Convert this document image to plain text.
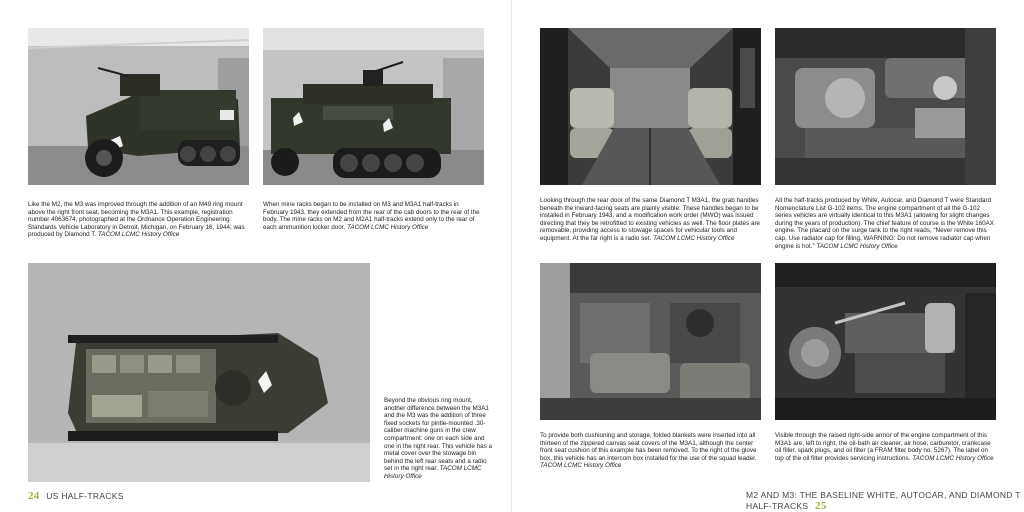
Like the M2, the M3 was improved through the addition of an M49 ring mount above the right front seat, becoming the M3A1. This example, registration number 4063674, photographed at the Ordnance Operation Engineering Standards Vehicle Laboratory in Detroit, Michigan, on February 16, 1944, was produced by Diamond T. TACOM LCMC History Office

When mine racks began to be installed on M3 and M3A1 half-tracks in February 1943, they extended from the rear of the cab doors to the rear of the body. The mine racks on M2 and M2A1 half-tracks extend only to the rear of each ammunition locker door. TACOM LCMC History Office

Beyond the obvious ring mount, another difference between the M3A1 and the M3 was the addition of three fixed sockets for pintle-mounted .30-caliber machine guns in the crew compartment: one on each side and one in the right rear. This vehicle has a metal cover over the stowage bin behind the left rear seats and a radio set in the right rear. TACOM LCMC History Office

24 US HALF-TRACKS

Looking through the rear door of the same Diamond T M3A1, the grab handles beneath the inward-facing seats are plainly visible. These handles began to be installed in February 1943, and a modification work order (MWO) was issued directing that they be retrofitted to existing vehicles as well. The floor plates are removable, providing access to stowage spaces for vehicular tools and equipment. At the far right is a radio set. TACOM LCMC History Office

All the half-tracks produced by White, Autocar, and Diamond T were Standard Nomenclature List G-102 items. The engine compartment of all the G-102 series vehicles are virtually identical to this M3A1 (allowing for slight changes during the years of production). The chief feature of course is the White 160AX engine. The placard on the surge tank to the right reads, “Never remove this cap. Use radiator cap for filling. WARNING: Do not remove radiator cap when engine is hot.” TACOM LCMC History Office

To provide both cushioning and storage, folded blankets were inserted into all thirteen of the zippered canvas seat covers of the M3A1, although the center front seat cushion of this example has been removed. To the right of the glove box, this vehicle has an intercom box installed for the use of the squad leader. TACOM LCMC History Office

Visible through the raised right-side armor of the engine compartment of this M3A1 are, left to right, the oil-bath air cleaner, air hose, carburetor, crankcase oil filler, spark plugs, and oil filter (a FRAM filter body no. 5267). The label on top of the oil filter provides servicing instructions. TACOM LCMC History Office

M2 AND M3: THE BASELINE WHITE, AUTOCAR, AND DIAMOND T HALF-TRACKS 25
